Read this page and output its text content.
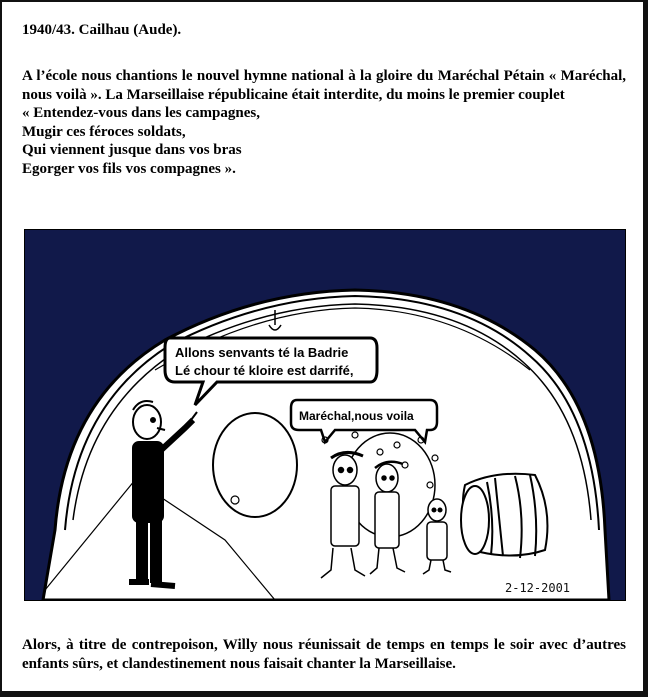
1940/43. Cailhau (Aude).

A l’école nous chantions le nouvel hymne national à la gloire du Maréchal Pétain « Maréchal, nous voilà ». La Marseillaise républicaine était interdite, du moins le premier couplet
« Entendez-vous dans les campagnes,
Mugir ces féroces soldats,
Qui viennent jusque dans vos bras
Egorger vos fils vos compagnes ».
Allons senvants té la Badrie
Lé chour té kloire est darrifé,
Maréchal,nous voila
2-12-2001

Alors, à titre de contrepoison, Willy nous réunissait de temps en temps le soir avec d’autres enfants sûrs, et clandestinement nous faisait chanter la Marseillaise.
